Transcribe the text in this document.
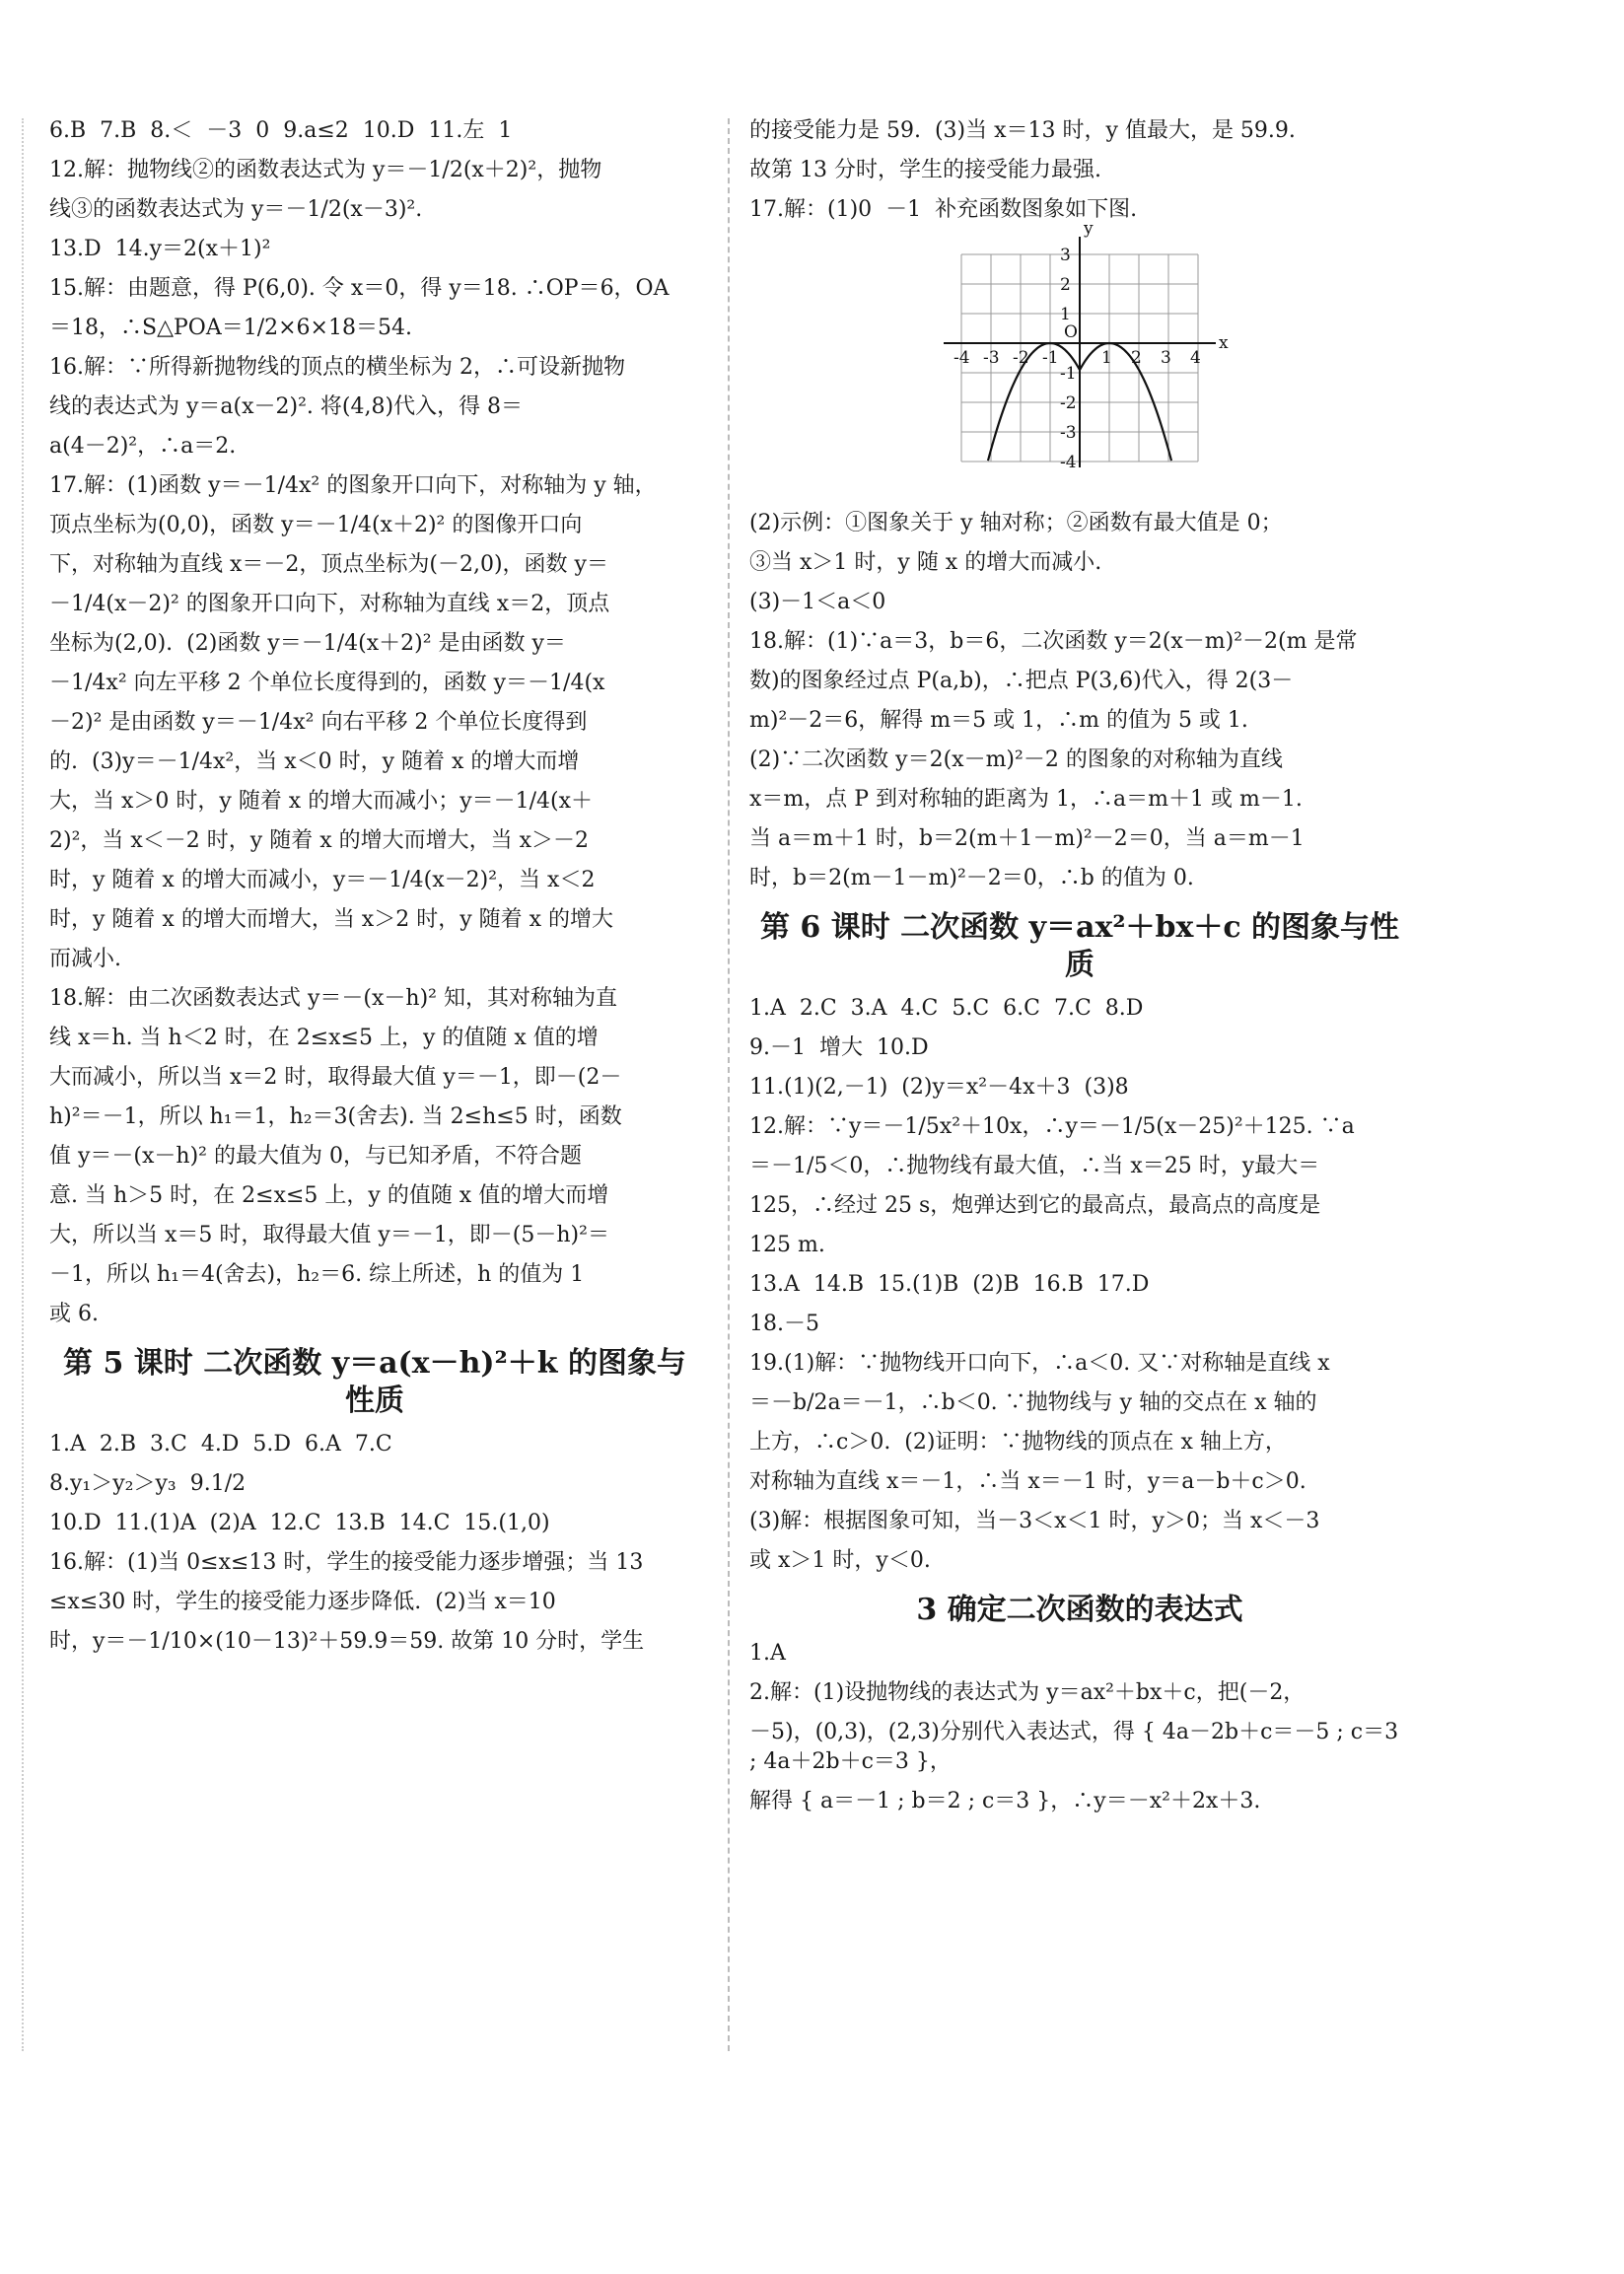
6.B  7.B  8.＜  －3  0  9.a≤2  10.D  11.左  1
12.解：抛物线②的函数表达式为 y＝－1/2(x＋2)²，抛物
线③的函数表达式为 y＝－1/2(x－3)².
13.D  14.y＝2(x＋1)²
15.解：由题意，得 P(6,0). 令 x＝0，得 y＝18. ∴OP＝6，OA
＝18，∴S△POA＝1/2×6×18＝54.
16.解：∵所得新抛物线的顶点的横坐标为 2，∴可设新抛物
线的表达式为 y＝a(x－2)². 将(4,8)代入，得 8＝
a(4－2)²，∴a＝2.
17.解：(1)函数 y＝－1/4x² 的图象开口向下，对称轴为 y 轴，
顶点坐标为(0,0)，函数 y＝－1/4(x＋2)² 的图像开口向
下，对称轴为直线 x＝－2，顶点坐标为(－2,0)，函数 y＝
－1/4(x－2)² 的图象开口向下，对称轴为直线 x＝2，顶点
坐标为(2,0).  (2)函数 y＝－1/4(x＋2)² 是由函数 y＝
－1/4x² 向左平移 2 个单位长度得到的，函数 y＝－1/4(x
－2)² 是由函数 y＝－1/4x² 向右平移 2 个单位长度得到
的.  (3)y＝－1/4x²，当 x＜0 时，y 随着 x 的增大而增
大，当 x＞0 时，y 随着 x 的增大而减小；y＝－1/4(x＋
2)²，当 x＜－2 时，y 随着 x 的增大而增大，当 x＞－2
时，y 随着 x 的增大而减小，y＝－1/4(x－2)²，当 x＜2
时，y 随着 x 的增大而增大，当 x＞2 时，y 随着 x 的增大
而减小.
18.解：由二次函数表达式 y＝－(x－h)² 知，其对称轴为直
线 x＝h. 当 h＜2 时，在 2≤x≤5 上，y 的值随 x 值的增
大而减小，所以当 x＝2 时，取得最大值 y＝－1，即－(2－
h)²＝－1，所以 h₁＝1，h₂＝3(舍去). 当 2≤h≤5 时，函数
值 y＝－(x－h)² 的最大值为 0，与已知矛盾，不符合题
意. 当 h＞5 时，在 2≤x≤5 上，y 的值随 x 值的增大而增
大，所以当 x＝5 时，取得最大值 y＝－1，即－(5－h)²＝
－1，所以 h₁＝4(舍去)，h₂＝6. 综上所述，h 的值为 1
或 6.
第 5 课时 二次函数 y＝a(x－h)²＋k 的图象与性质
1.A  2.B  3.C  4.D  5.D  6.A  7.C
8.y₁＞y₂＞y₃  9.1/2
10.D  11.(1)A  (2)A  12.C  13.B  14.C  15.(1,0)
16.解：(1)当 0≤x≤13 时，学生的接受能力逐步增强；当 13
≤x≤30 时，学生的接受能力逐步降低.  (2)当 x＝10
时，y＝－1/10×(10－13)²＋59.9＝59. 故第 10 分时，学生
的接受能力是 59.  (3)当 x＝13 时，y 值最大，是 59.9.
故第 13 分时，学生的接受能力最强.
17.解：(1)0  －1  补充函数图象如下图.
x
y
-4 -3 -2 -1
O
1 2 3 4
3
2
1
-1
-2
-3
-4
(2)示例：①图象关于 y 轴对称；②函数有最大值是 0；
③当 x＞1 时，y 随 x 的增大而减小.
(3)－1＜a＜0
18.解：(1)∵a＝3，b＝6，二次函数 y＝2(x－m)²－2(m 是常
数)的图象经过点 P(a,b)，∴把点 P(3,6)代入，得 2(3－
m)²－2＝6，解得 m＝5 或 1，∴m 的值为 5 或 1.
(2)∵二次函数 y＝2(x－m)²－2 的图象的对称轴为直线
x＝m，点 P 到对称轴的距离为 1，∴a＝m＋1 或 m－1.
当 a＝m＋1 时，b＝2(m＋1－m)²－2＝0，当 a＝m－1
时，b＝2(m－1－m)²－2＝0，∴b 的值为 0.
第 6 课时 二次函数 y＝ax²＋bx＋c 的图象与性质
1.A  2.C  3.A  4.C  5.C  6.C  7.C  8.D
9.－1  增大  10.D
11.(1)(2,－1)  (2)y＝x²－4x＋3  (3)8
12.解：∵y＝－1/5x²＋10x，∴y＝－1/5(x－25)²＋125. ∵a
＝－1/5＜0，∴抛物线有最大值，∴当 x＝25 时，y最大＝
125，∴经过 25 s，炮弹达到它的最高点，最高点的高度是
125 m.
13.A  14.B  15.(1)B  (2)B  16.B  17.D
18.－5
19.(1)解：∵抛物线开口向下，∴a＜0. 又∵对称轴是直线 x
＝－b/2a＝－1，∴b＜0. ∵抛物线与 y 轴的交点在 x 轴的
上方，∴c＞0.  (2)证明：∵抛物线的顶点在 x 轴上方，
对称轴为直线 x＝－1，∴当 x＝－1 时，y＝a－b＋c＞0.
(3)解：根据图象可知，当－3＜x＜1 时，y＞0；当 x＜－3
或 x＞1 时，y＜0.
3 确定二次函数的表达式
1.A
2.解：(1)设抛物线的表达式为 y＝ax²＋bx＋c，把(－2，
－5)，(0,3)，(2,3)分别代入表达式，得 { 4a－2b＋c＝－5 ; c＝3 ; 4a＋2b＋c＝3 }，
解得 { a＝－1 ; b＝2 ; c＝3 }，∴y＝－x²＋2x＋3.
